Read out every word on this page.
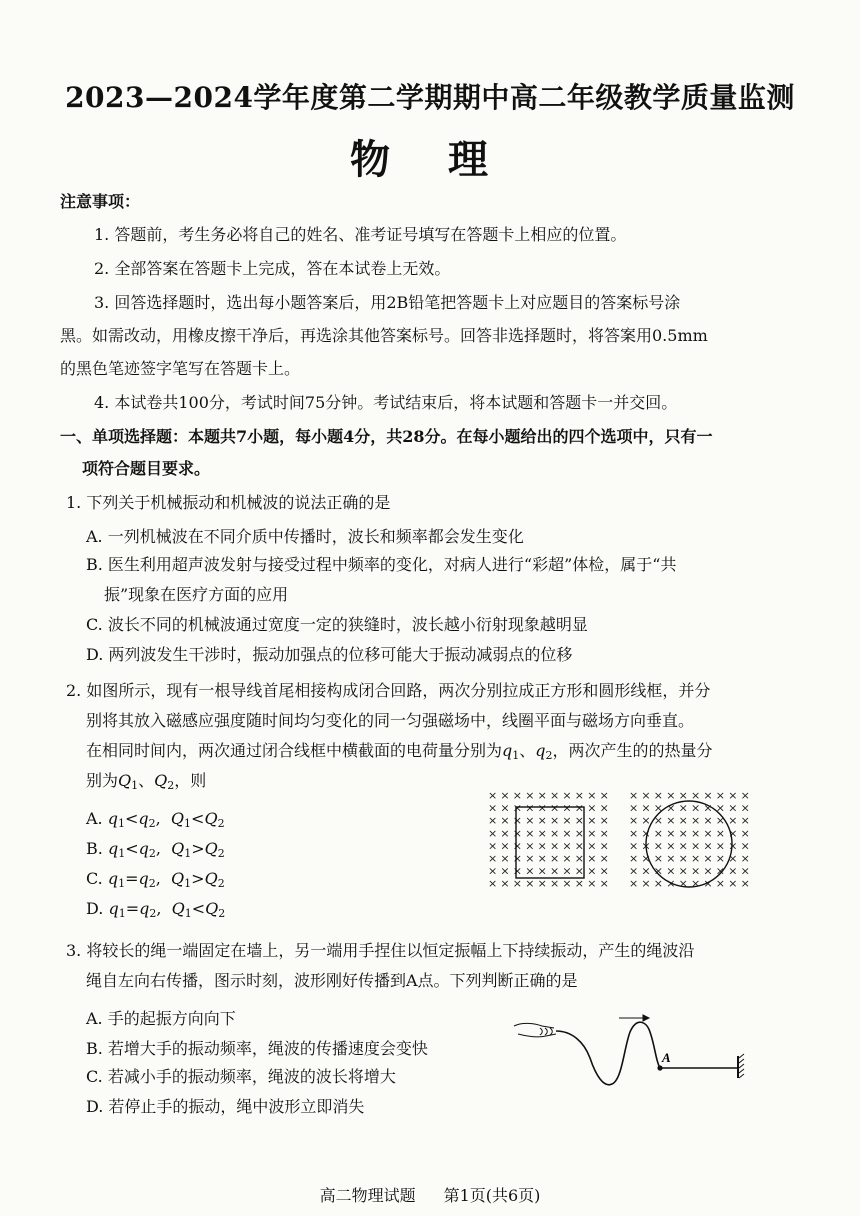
2023—2024学年度第二学期期中高二年级教学质量监测
物 理
注意事项：
1. 答题前，考生务必将自己的姓名、准考证号填写在答题卡上相应的位置。
2. 全部答案在答题卡上完成，答在本试卷上无效。
3. 回答选择题时，选出每小题答案后，用2B铅笔把答题卡上对应题目的答案标号涂
黑。如需改动，用橡皮擦干净后，再选涂其他答案标号。回答非选择题时，将答案用0.5mm
的黑色笔迹签字笔写在答题卡上。
4. 本试卷共100分，考试时间75分钟。考试结束后，将本试题和答题卡一并交回。
一、单项选择题：本题共7小题，每小题4分，共28分。在每小题给出的四个选项中，只有一
项符合题目要求。
1. 下列关于机械振动和机械波的说法正确的是
A. 一列机械波在不同介质中传播时，波长和频率都会发生变化
B. 医生利用超声波发射与接受过程中频率的变化，对病人进行“彩超”体检，属于“共
振”现象在医疗方面的应用
C. 波长不同的机械波通过宽度一定的狭缝时，波长越小衍射现象越明显
D. 两列波发生干涉时，振动加强点的位移可能大于振动减弱点的位移
2. 如图所示，现有一根导线首尾相接构成闭合回路，两次分别拉成正方形和圆形线框，并分
别将其放入磁感应强度随时间均匀变化的同一匀强磁场中，线圈平面与磁场方向垂直。
在相同时间内，两次通过闭合线框中横截面的电荷量分别为$q_1$、$q_2$，两次产生的的热量分
别为$Q_1$、$Q_2$，则
A. $q_1<q_2$,  $Q_1<Q_2$
B. $q_1<q_2$,  $Q_1>Q_2$
C. $q_1=q_2$,  $Q_1>Q_2$
D. $q_1=q_2$,  $Q_1<Q_2$
× × × × × × × × × ×
× × × × × × × × × ×
× × × × × × × × × ×
× × × × × × × × × ×
× × × × × × × × × ×
× × × × × × × × × ×
× × × × × × × × × ×
× × × × × × × × × ×
× × × × × × × × × ×
× × × × × × × × × ×
× × × × × × × × × ×
× × × × × × × × × ×
× × × × × × × × × ×
× × × × × × × × × ×
× × × × × × × × × ×
× × × × × × × × × ×
3. 将较长的绳一端固定在墙上，另一端用手捏住以恒定振幅上下持续振动，产生的绳波沿
绳自左向右传播，图示时刻，波形刚好传播到A点。下列判断正确的是
A. 手的起振方向向下
B. 若增大手的振动频率，绳波的传播速度会变快
C. 若减小手的振动频率，绳波的波长将增大
D. 若停止手的振动，绳中波形立即消失
A
高二物理试题 第1页(共6页)
